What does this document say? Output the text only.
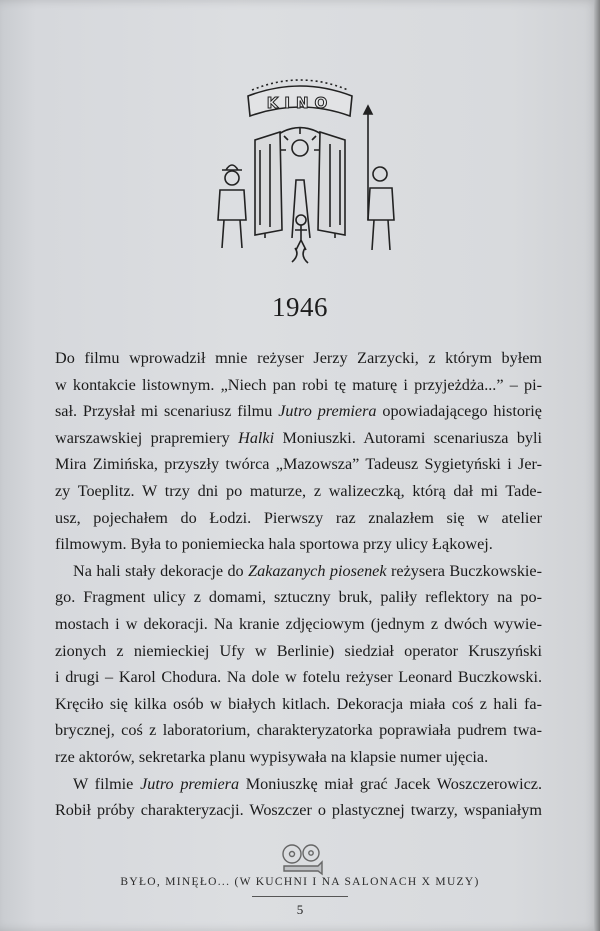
KINO
1946
Do filmu wprowadził mnie reżyser Jerzy Zarzycki, z którym byłem
w kontakcie listownym. „Niech pan robi tę maturę i przyjeżdża...” – pi-
sał. Przysłał mi scenariusz filmu Jutro premiera opowiadającego historię
warszawskiej prapremiery Halki Moniuszki. Autorami scenariusza byli
Mira Zimińska, przyszły twórca „Mazowsza” Tadeusz Sygietyński i Jer-
zy Toeplitz. W trzy dni po maturze, z walizeczką, którą dał mi Tade-
usz, pojechałem do Łodzi. Pierwszy raz znalazłem się w atelier
filmowym. Była to poniemiecka hala sportowa przy ulicy Łąkowej.
Na hali stały dekoracje do Zakazanych piosenek reżysera Buczkowskie-
go. Fragment ulicy z domami, sztuczny bruk, paliły reflektory na po-
mostach i w dekoracji. Na kranie zdjęciowym (jednym z dwóch wywie-
zionych z niemieckiej Ufy w Berlinie) siedział operator Kruszyński
i drugi – Karol Chodura. Na dole w fotelu reżyser Leonard Buczkowski.
Kręciło się kilka osób w białych kitlach. Dekoracja miała coś z hali fa-
brycznej, coś z laboratorium, charakteryzatorka poprawiała pudrem twa-
rze aktorów, sekretarka planu wypisywała na klapsie numer ujęcia.
W filmie Jutro premiera Moniuszkę miał grać Jacek Woszczerowicz.
Robił próby charakteryzacji. Woszczer o plastycznej twarzy, wspaniałym
BYŁO, MINĘŁO... (W KUCHNI I NA SALONACH X MUZY)
5
